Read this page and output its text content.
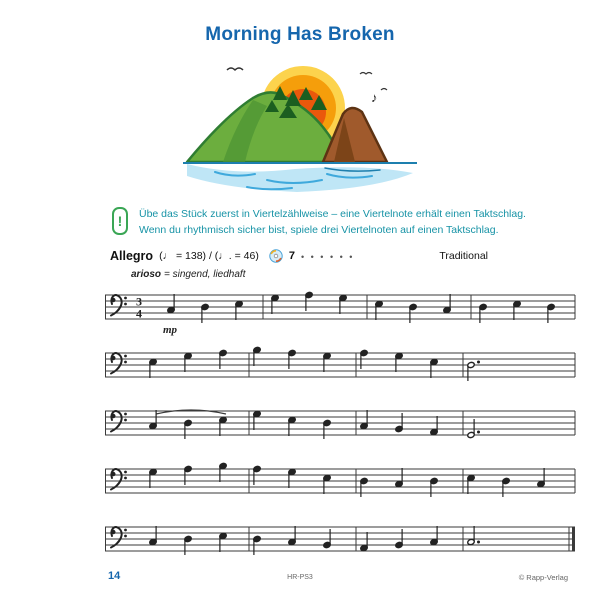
Morning Has Broken
♪
!	Übe das Stück zuerst in Viertelzählweise – eine Viertelnote erhält einen Taktschlag.
Wenn du rhythmisch sicher bist, spiele drei Viertelnoten auf einen Taktschlag.
Allegro (♩ = 138) / (♩. = 46)	7 • • • • • •	Traditional
arioso = singend, liedhaft
3
4
mp
14	HR-PS3	© Rapp-Verlag
